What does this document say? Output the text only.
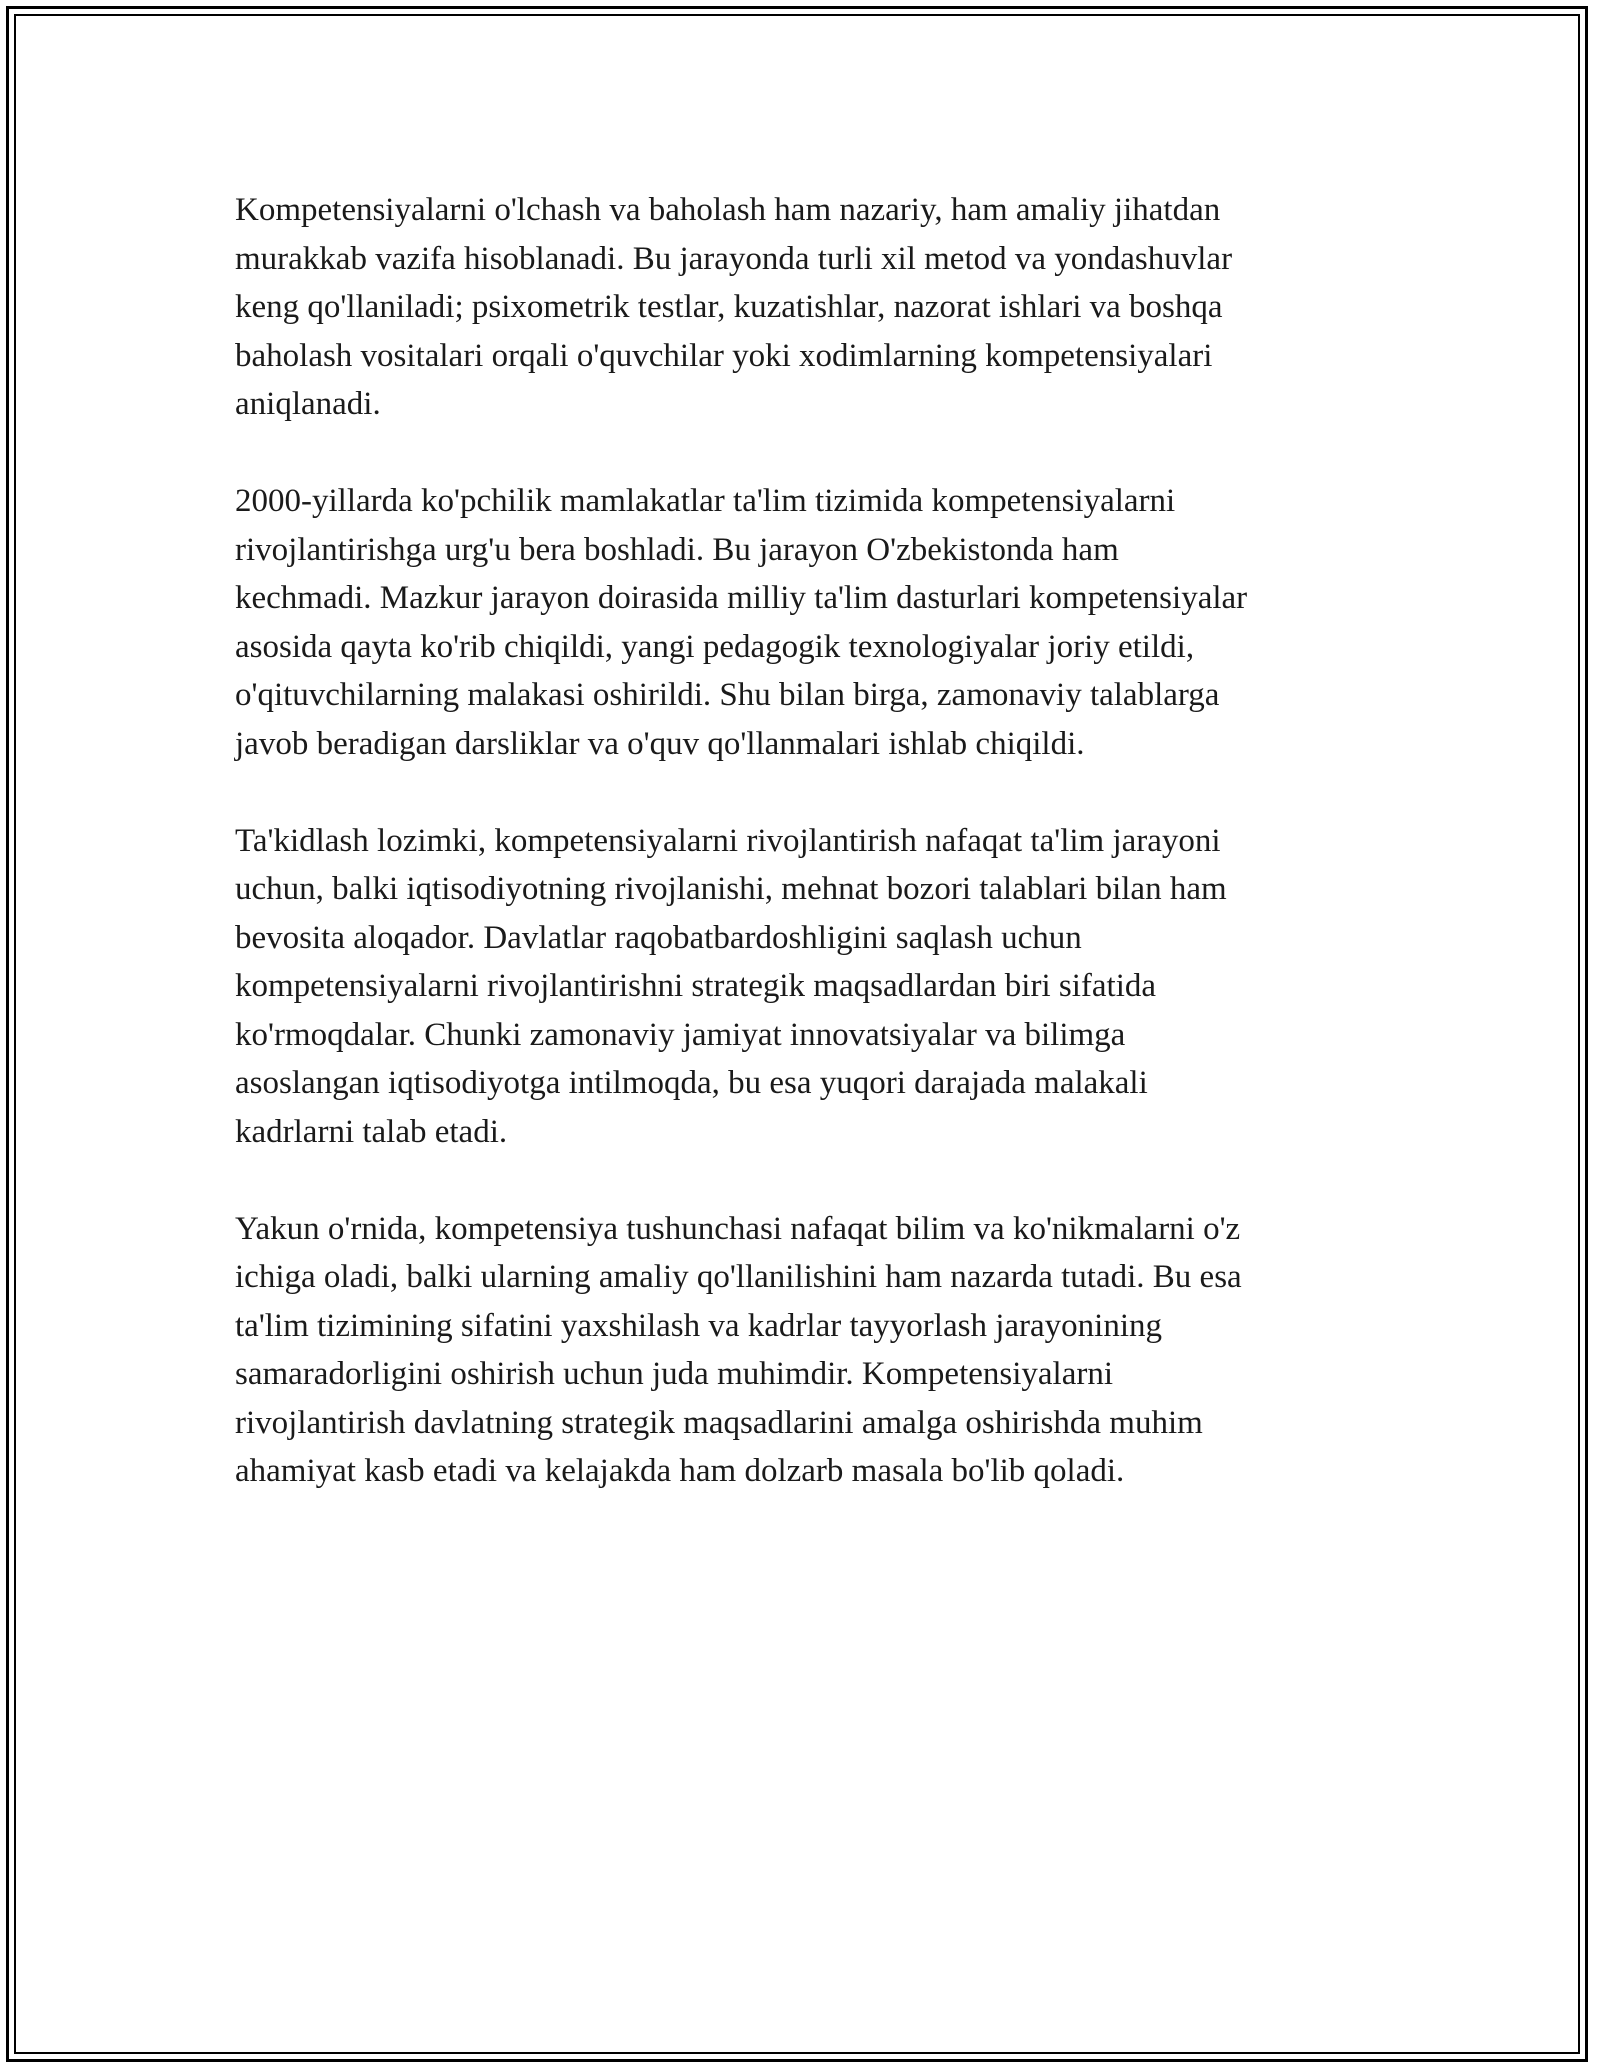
Kompetensiyalarni o'lchash va baholash ham nazariy, ham amaliy jihatdan
murakkab vazifa hisoblanadi. Bu jarayonda turli xil metod va yondashuvlar
keng qo'llaniladi; psixometrik testlar, kuzatishlar, nazorat ishlari va boshqa
baholash vositalari orqali o'quvchilar yoki xodimlarning kompetensiyalari
aniqlanadi.

2000-yillarda ko'pchilik mamlakatlar ta'lim tizimida kompetensiyalarni
rivojlantirishga urg'u bera boshladi. Bu jarayon O'zbekistonda ham
kechmadi. Mazkur jarayon doirasida milliy ta'lim dasturlari kompetensiyalar
asosida qayta ko'rib chiqildi, yangi pedagogik texnologiyalar joriy etildi,
o'qituvchilarning malakasi oshirildi. Shu bilan birga, zamonaviy talablarga
javob beradigan darsliklar va o'quv qo'llanmalari ishlab chiqildi.

Ta'kidlash lozimki, kompetensiyalarni rivojlantirish nafaqat ta'lim jarayoni
uchun, balki iqtisodiyotning rivojlanishi, mehnat bozori talablari bilan ham
bevosita aloqador. Davlatlar raqobatbardoshligini saqlash uchun
kompetensiyalarni rivojlantirishni strategik maqsadlardan biri sifatida
ko'rmoqdalar. Chunki zamonaviy jamiyat innovatsiyalar va bilimga
asoslangan iqtisodiyotga intilmoqda, bu esa yuqori darajada malakali
kadrlarni talab etadi.

Yakun o'rnida, kompetensiya tushunchasi nafaqat bilim va ko'nikmalarni o'z
ichiga oladi, balki ularning amaliy qo'llanilishini ham nazarda tutadi. Bu esa
ta'lim tizimining sifatini yaxshilash va kadrlar tayyorlash jarayonining
samaradorligini oshirish uchun juda muhimdir. Kompetensiyalarni
rivojlantirish davlatning strategik maqsadlarini amalga oshirishda muhim
ahamiyat kasb etadi va kelajakda ham dolzarb masala bo'lib qoladi.
